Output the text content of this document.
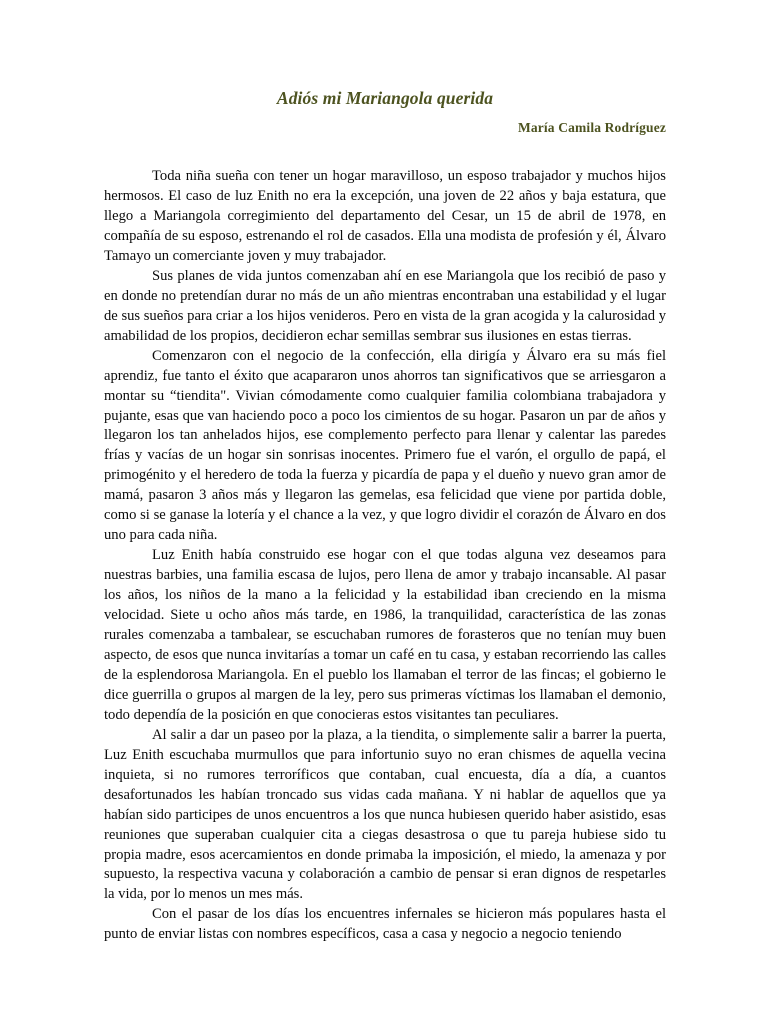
Adiós mi Mariangola querida
María Camila Rodríguez

Toda niña sueña con tener un hogar maravilloso, un esposo trabajador y muchos hijos hermosos. El caso de luz Enith no era la excepción, una joven de 22 años y baja estatura, que llego a Mariangola corregimiento del departamento del Cesar, un 15 de abril de 1978, en compañía de su esposo, estrenando el rol de casados. Ella una modista de profesión y él, Álvaro Tamayo un comerciante joven y muy trabajador.

Sus planes de vida juntos comenzaban ahí en ese Mariangola que los recibió de paso y en donde no pretendían durar no más de un año mientras encontraban una estabilidad y el lugar de sus sueños para criar a los hijos venideros. Pero en vista de la gran acogida y la calurosidad y amabilidad de los propios, decidieron echar semillas sembrar sus ilusiones en estas tierras.

Comenzaron con el negocio de la confección, ella dirigía y Álvaro era su más fiel aprendiz, fue tanto el éxito que acapararon unos ahorros tan significativos que se arriesgaron a montar su “tiendita". Vivian cómodamente como cualquier familia colombiana trabajadora y pujante, esas que van haciendo poco a poco los cimientos de su hogar. Pasaron un par de años y llegaron los tan anhelados hijos, ese complemento perfecto para llenar y calentar las paredes frías y vacías de un hogar sin sonrisas inocentes. Primero fue el varón, el orgullo de papá, el primogénito y el heredero de toda la fuerza y picardía de papa y el dueño y nuevo gran amor de mamá, pasaron 3 años más y llegaron las gemelas, esa felicidad que viene por partida doble, como si se ganase la lotería y el chance a la vez, y que logro dividir el corazón de Álvaro en dos uno para cada niña.

Luz Enith había construido ese hogar con el que todas alguna vez deseamos para nuestras barbies, una familia escasa de lujos, pero llena de amor y trabajo incansable. Al pasar los años, los niños de la mano a la felicidad y la estabilidad iban creciendo en la misma velocidad. Siete u ocho años más tarde, en 1986, la tranquilidad, característica de las zonas rurales comenzaba a tambalear, se escuchaban rumores de forasteros que no tenían muy buen aspecto, de esos que nunca invitarías a tomar un café en tu casa, y estaban recorriendo las calles de la esplendorosa Mariangola. En el pueblo los llamaban el terror de las fincas; el gobierno le dice guerrilla o grupos al margen de la ley, pero sus primeras víctimas los llamaban el demonio, todo dependía de la posición en que conocieras estos visitantes tan peculiares.

Al salir a dar un paseo por la plaza, a la tiendita, o simplemente salir a barrer la puerta, Luz Enith escuchaba murmullos que para infortunio suyo no eran chismes de aquella vecina inquieta, si no rumores terroríficos que contaban, cual encuesta, día a día, a cuantos desafortunados les habían troncado sus vidas cada mañana. Y ni hablar de aquellos que ya habían sido participes de unos encuentros a los que nunca hubiesen querido haber asistido, esas reuniones que superaban cualquier cita a ciegas desastrosa o que tu pareja hubiese sido tu propia madre, esos acercamientos en donde primaba la imposición, el miedo, la amenaza y por supuesto, la respectiva vacuna y colaboración a cambio de pensar si eran dignos de respetarles la vida, por lo menos un mes más.

Con el pasar de los días los encuentres infernales se hicieron más populares hasta el punto de enviar listas con nombres específicos, casa a casa y negocio a negocio teniendo
